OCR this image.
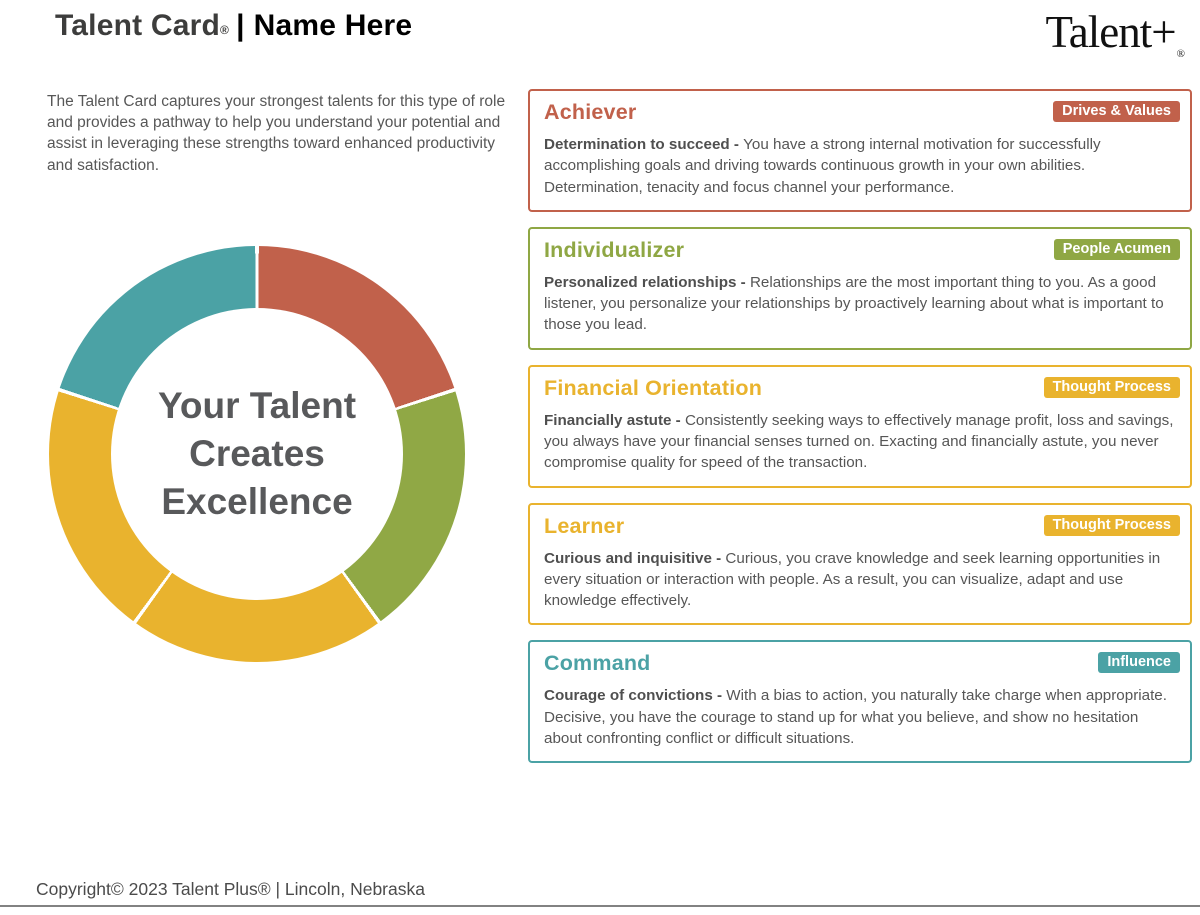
Talent Card® | Name Here	$Talent+_®$

The Talent Card captures your strongest talents for this type of role and provides a pathway to help you understand your potential and assist in leveraging these strengths toward enhanced productivity and satisfaction.

Your Talent
Creates
Excellence
Achiever	Drives & Values
Determination to succeed - You have a strong internal motivation for successfully accomplishing goals and driving towards continuous growth in your own abilities. Determination, tenacity and focus channel your performance.
Individualizer	People Acumen
Personalized relationships - Relationships are the most important thing to you. As a good listener, you personalize your relationships by proactively learning about what is important to those you lead.
Financial Orientation	Thought Process
Financially astute - Consistently seeking ways to effectively manage profit, loss and savings, you always have your financial senses turned on. Exacting and financially astute, you never compromise quality for speed of the transaction.
Learner	Thought Process
Curious and inquisitive - Curious, you crave knowledge and seek learning opportunities in every situation or interaction with people. As a result, you can visualize, adapt and use knowledge effectively.
Command	Influence
Courage of convictions - With a bias to action, you naturally take charge when appropriate. Decisive, you have the courage to stand up for what you believe, and show no hesitation about confronting conflict or difficult situations.
Copyright© 2023 Talent Plus® | Lincoln, Nebraska
